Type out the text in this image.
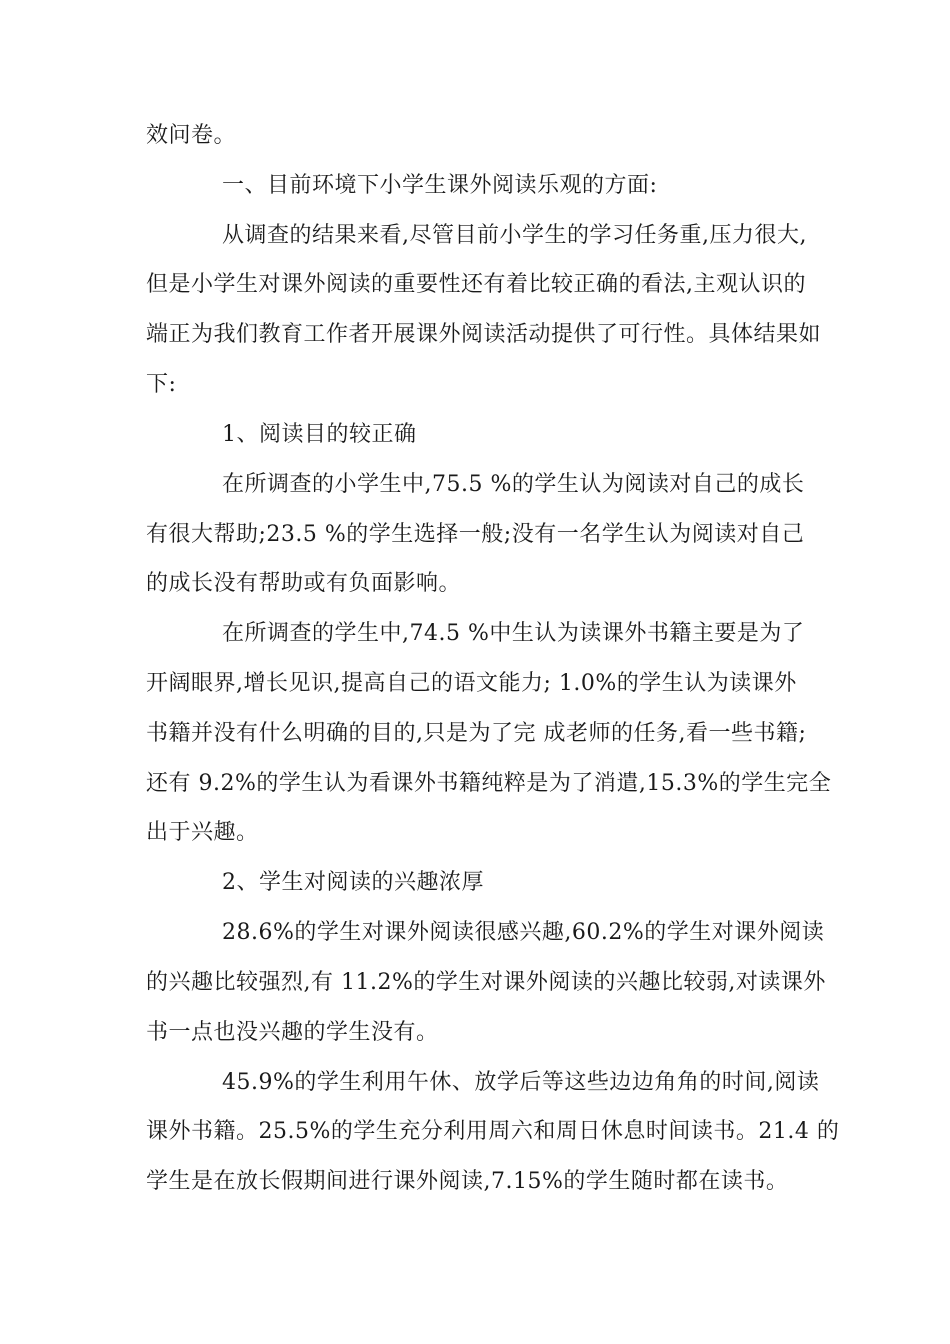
效问卷。
一、目前环境下小学生课外阅读乐观的方面:
从调查的结果来看,尽管目前小学生的学习任务重,压力很大,
但是小学生对课外阅读的重要性还有着比较正确的看法,主观认识的
端正为我们教育工作者开展课外阅读活动提供了可行性。具体结果如
下:
1、阅读目的较正确
在所调查的小学生中,75.5 %的学生认为阅读对自己的成长
有很大帮助;23.5 %的学生选择一般;没有一名学生认为阅读对自己
的成长没有帮助或有负面影响。
在所调查的学生中,74.5 %中生认为读课外书籍主要是为了
开阔眼界,增长见识,提高自己的语文能力; 1.0%的学生认为读课外
书籍并没有什么明确的目的,只是为了完 成老师的任务,看一些书籍;
还有 9.2%的学生认为看课外书籍纯粹是为了消遣,15.3%的学生完全
出于兴趣。
2、学生对阅读的兴趣浓厚
28.6%的学生对课外阅读很感兴趣,60.2%的学生对课外阅读
的兴趣比较强烈,有 11.2%的学生对课外阅读的兴趣比较弱,对读课外
书一点也没兴趣的学生没有。
45.9%的学生利用午休、放学后等这些边边角角的时间,阅读
课外书籍。25.5%的学生充分利用周六和周日休息时间读书。21.4 的
学生是在放长假期间进行课外阅读,7.15%的学生随时都在读书。
